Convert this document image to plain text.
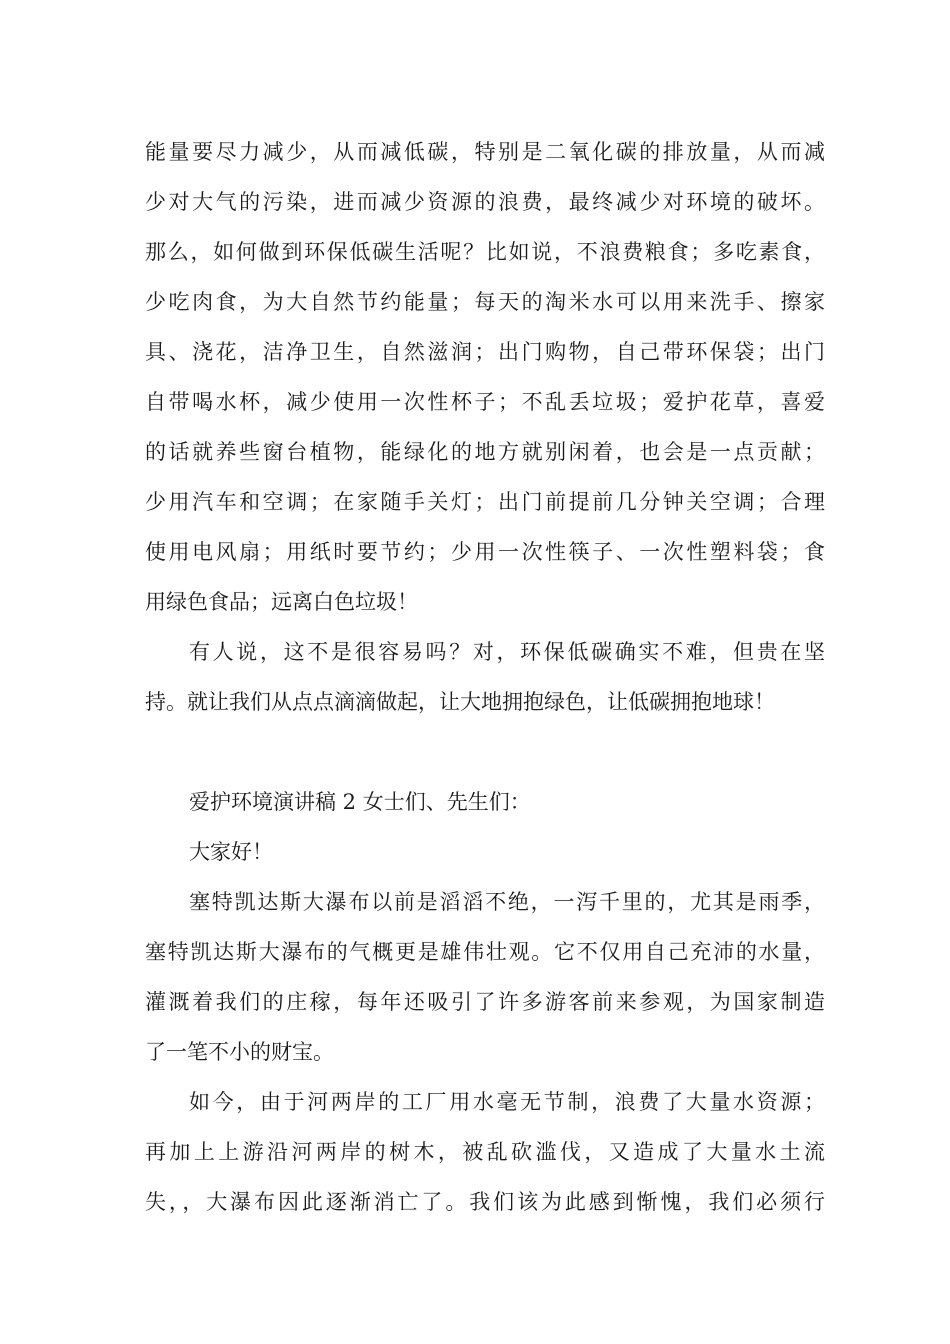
能量要尽力减少，从而减低碳，特别是二氧化碳的排放量，从而减
少对大气的污染，进而减少资源的浪费，最终减少对环境的破坏。
那么，如何做到环保低碳生活呢？比如说，不浪费粮食；多吃素食，
少吃肉食，为大自然节约能量；每天的淘米水可以用来洗手、擦家
具、浇花，洁净卫生，自然滋润；出门购物，自己带环保袋；出门
自带喝水杯，减少使用一次性杯子；不乱丢垃圾；爱护花草，喜爱
的话就养些窗台植物，能绿化的地方就别闲着，也会是一点贡献；
少用汽车和空调；在家随手关灯；出门前提前几分钟关空调；合理
使用电风扇；用纸时要节约；少用一次性筷子、一次性塑料袋；食
用绿色食品；远离白色垃圾！
有人说，这不是很容易吗？对，环保低碳确实不难，但贵在坚
持。就让我们从点点滴滴做起，让大地拥抱绿色，让低碳拥抱地球！
爱护环境演讲稿 2 女士们、先生们：
大家好！
塞特凯达斯大瀑布以前是滔滔不绝，一泻千里的，尤其是雨季，
塞特凯达斯大瀑布的气概更是雄伟壮观。它不仅用自己充沛的水量，
灌溉着我们的庄稼，每年还吸引了许多游客前来参观，为国家制造
了一笔不小的财宝。
如今，由于河两岸的工厂用水毫无节制，浪费了大量水资源；
再加上上游沿河两岸的树木，被乱砍滥伐，又造成了大量水土流
失，，大瀑布因此逐渐消亡了。我们该为此感到惭愧，我们必须行
